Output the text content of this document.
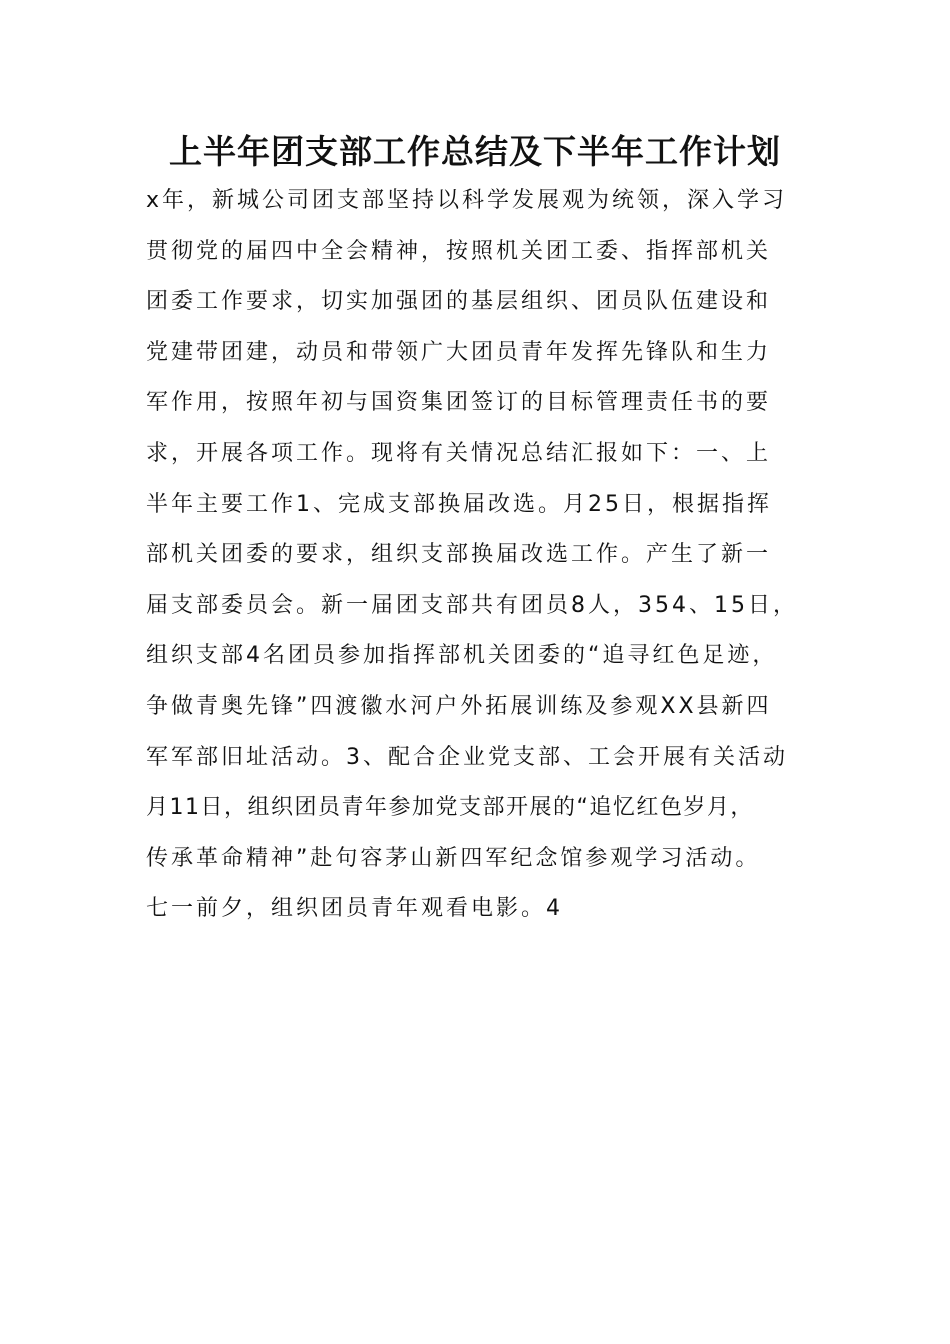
上半年团支部工作总结及下半年工作计划
x年，新城公司团支部坚持以科学发展观为统领，深入学习
贯彻党的届四中全会精神，按照机关团工委、指挥部机关
团委工作要求，切实加强团的基层组织、团员队伍建设和
党建带团建，动员和带领广大团员青年发挥先锋队和生力
军作用，按照年初与国资集团签订的目标管理责任书的要
求，开展各项工作。现将有关情况总结汇报如下：一、上
半年主要工作1、完成支部换届改选。月25日，根据指挥
部机关团委的要求，组织支部换届改选工作。产生了新一
届支部委员会。新一届团支部共有团员8人，354、15日，
组织支部4名团员参加指挥部机关团委的“追寻红色足迹，
争做青奥先锋”四渡徽水河户外拓展训练及参观XX县新四
军军部旧址活动。3、配合企业党支部、工会开展有关活动
月11日，组织团员青年参加党支部开展的“追忆红色岁月，
传承革命精神”赴句容茅山新四军纪念馆参观学习活动。
七一前夕，组织团员青年观看电影。4
